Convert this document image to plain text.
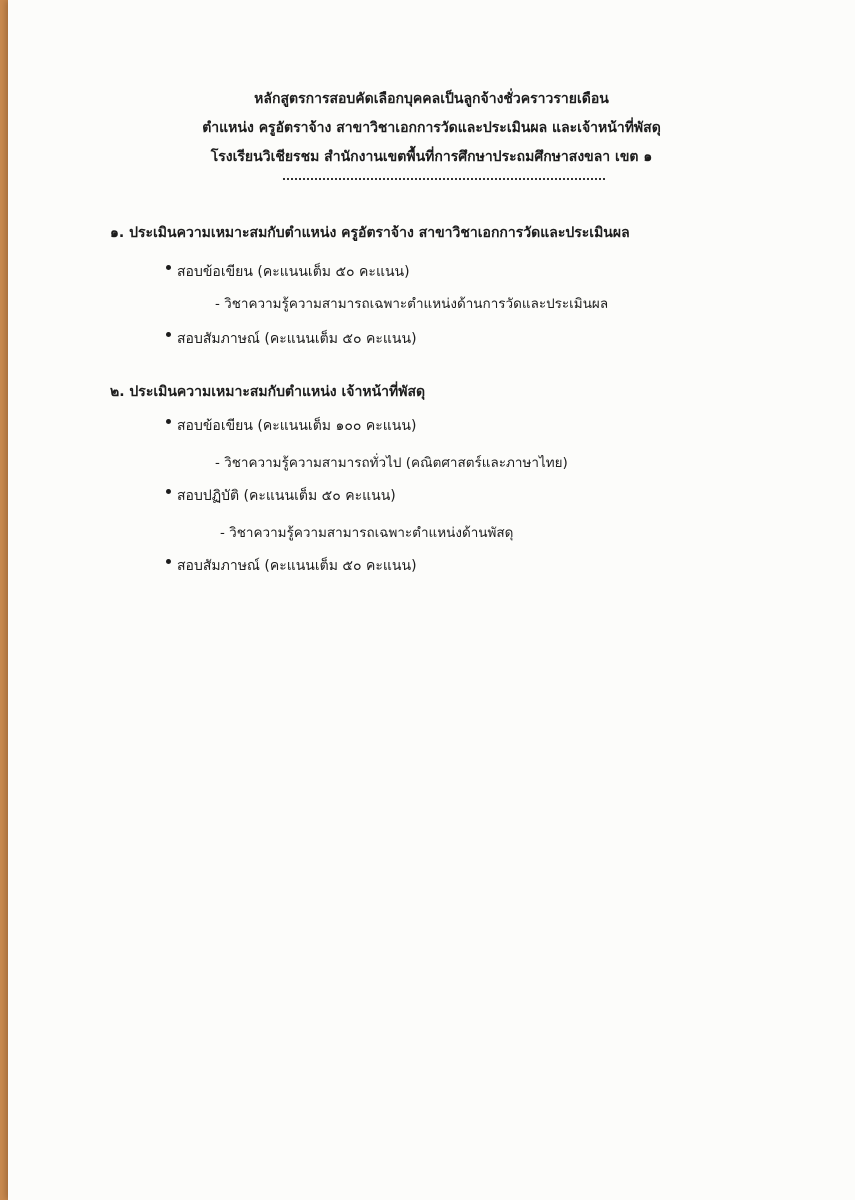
หลักสูตรการสอบคัดเลือกบุคคลเป็นลูกจ้างชั่วคราวรายเดือน
ตำแหน่ง ครูอัตราจ้าง สาขาวิชาเอกการวัดและประเมินผล และเจ้าหน้าที่พัสดุ
โรงเรียนวิเชียรชม สำนักงานเขตพื้นที่การศึกษาประถมศึกษาสงขลา เขต ๑
๑. ประเมินความเหมาะสมกับตำแหน่ง ครูอัตราจ้าง สาขาวิชาเอกการวัดและประเมินผล
สอบข้อเขียน (คะแนนเต็ม ๕๐ คะแนน)
- วิชาความรู้ความสามารถเฉพาะตำแหน่งด้านการวัดและประเมินผล
สอบสัมภาษณ์ (คะแนนเต็ม ๕๐ คะแนน)
๒. ประเมินความเหมาะสมกับตำแหน่ง เจ้าหน้าที่พัสดุ
สอบข้อเขียน (คะแนนเต็ม ๑๐๐ คะแนน)
- วิชาความรู้ความสามารถทั่วไป (คณิตศาสตร์และภาษาไทย)
สอบปฏิบัติ (คะแนนเต็ม ๕๐ คะแนน)
- วิชาความรู้ความสามารถเฉพาะตำแหน่งด้านพัสดุ
สอบสัมภาษณ์ (คะแนนเต็ม ๕๐ คะแนน)
